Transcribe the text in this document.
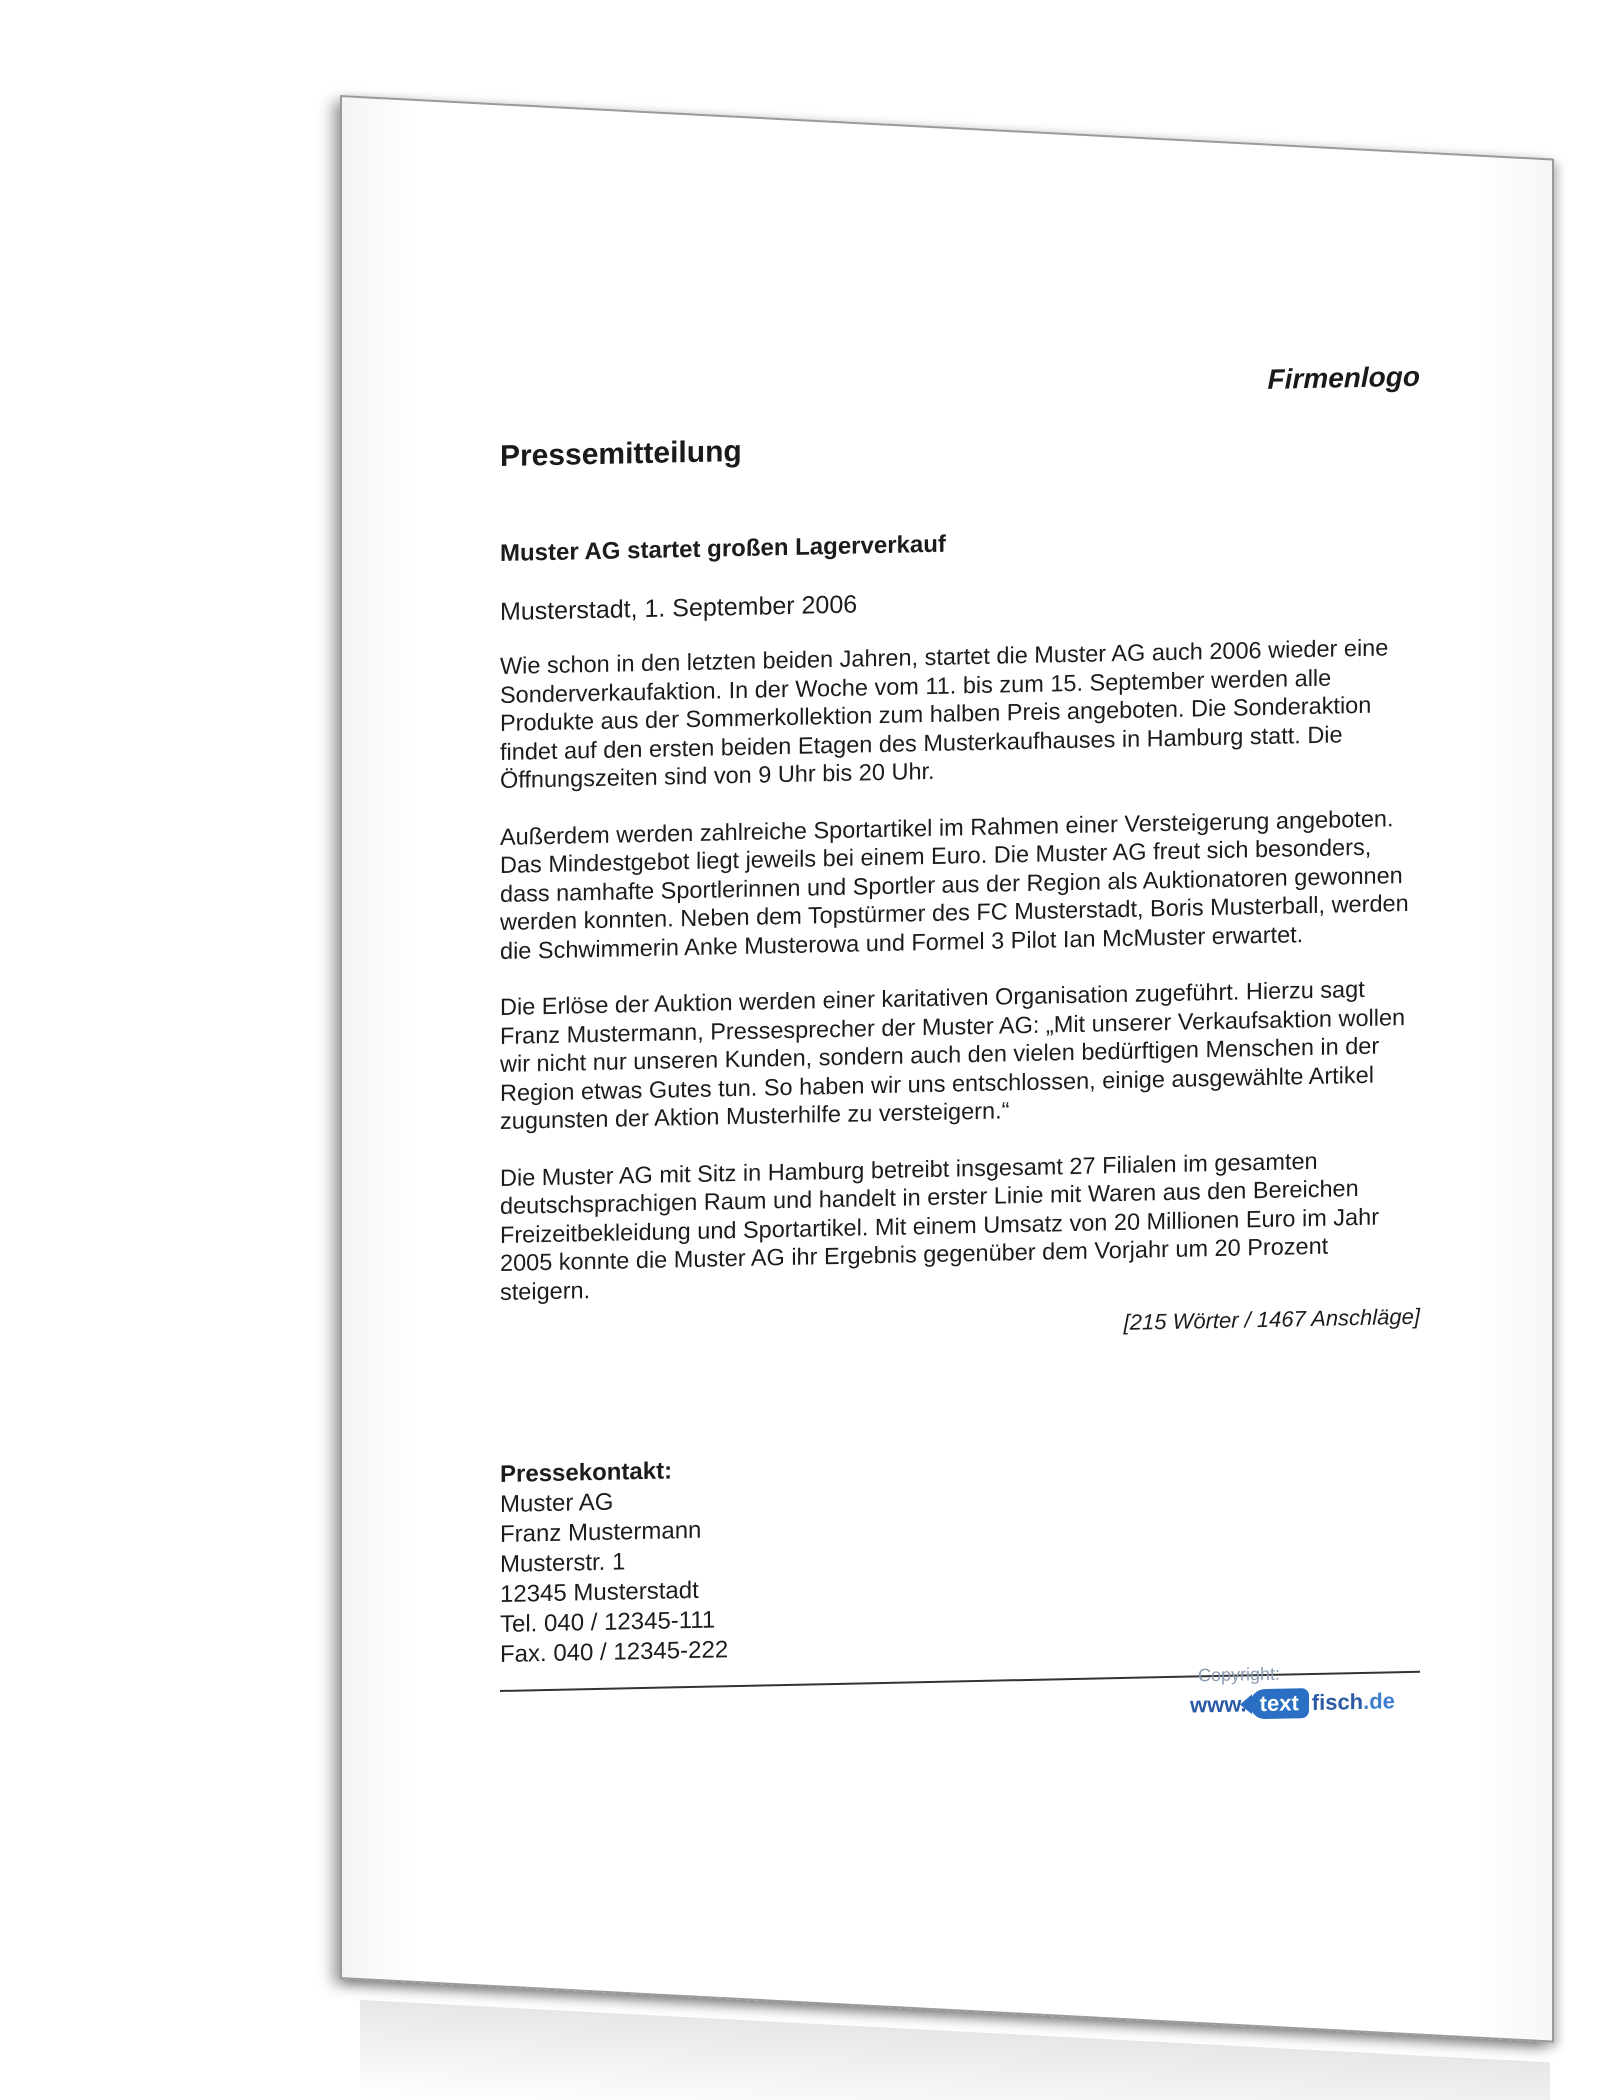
Firmenlogo
Pressemitteilung
Muster AG startet großen Lagerverkauf
Musterstadt, 1. September 2006

Wie schon in den letzten beiden Jahren, startet die Muster AG auch 2006 wieder eine Sonderverkaufaktion. In der Woche vom 11. bis zum 15. September werden alle Produkte aus der Sommerkollektion zum halben Preis angeboten. Die Sonderaktion findet auf den ersten beiden Etagen des Musterkaufhauses in Hamburg statt. Die Öffnungszeiten sind von 9 Uhr bis 20 Uhr.

Außerdem werden zahlreiche Sportartikel im Rahmen einer Versteigerung angeboten. Das Mindestgebot liegt jeweils bei einem Euro. Die Muster AG freut sich besonders, dass namhafte Sportlerinnen und Sportler aus der Region als Auktionatoren gewonnen werden konnten. Neben dem Topstürmer des FC Musterstadt, Boris Musterball, werden die Schwimmerin Anke Musterowa und Formel 3 Pilot Ian McMuster erwartet.

Die Erlöse der Auktion werden einer karitativen Organisation zugeführt. Hierzu sagt Franz Mustermann, Pressesprecher der Muster AG: „Mit unserer Verkaufsaktion wollen wir nicht nur unseren Kunden, sondern auch den vielen bedürftigen Menschen in der Region etwas Gutes tun. So haben wir uns entschlossen, einige ausgewählte Artikel zugunsten der Aktion Musterhilfe zu versteigern.“

Die Muster AG mit Sitz in Hamburg betreibt insgesamt 27 Filialen im gesamten deutschsprachigen Raum und handelt in erster Linie mit Waren aus den Bereichen Freizeitbekleidung und Sportartikel. Mit einem Umsatz von 20 Millionen Euro im Jahr 2005 konnte die Muster AG ihr Ergebnis gegenüber dem Vorjahr um 20 Prozent steigern.

[215 Wörter / 1467 Anschläge]
Pressekontakt:
Muster AG
Franz Mustermann
Musterstr. 1
12345 Musterstadt
Tel. 040 / 12345-111
Fax. 040 / 12345-222
Copyright:
www. text fisch .de
